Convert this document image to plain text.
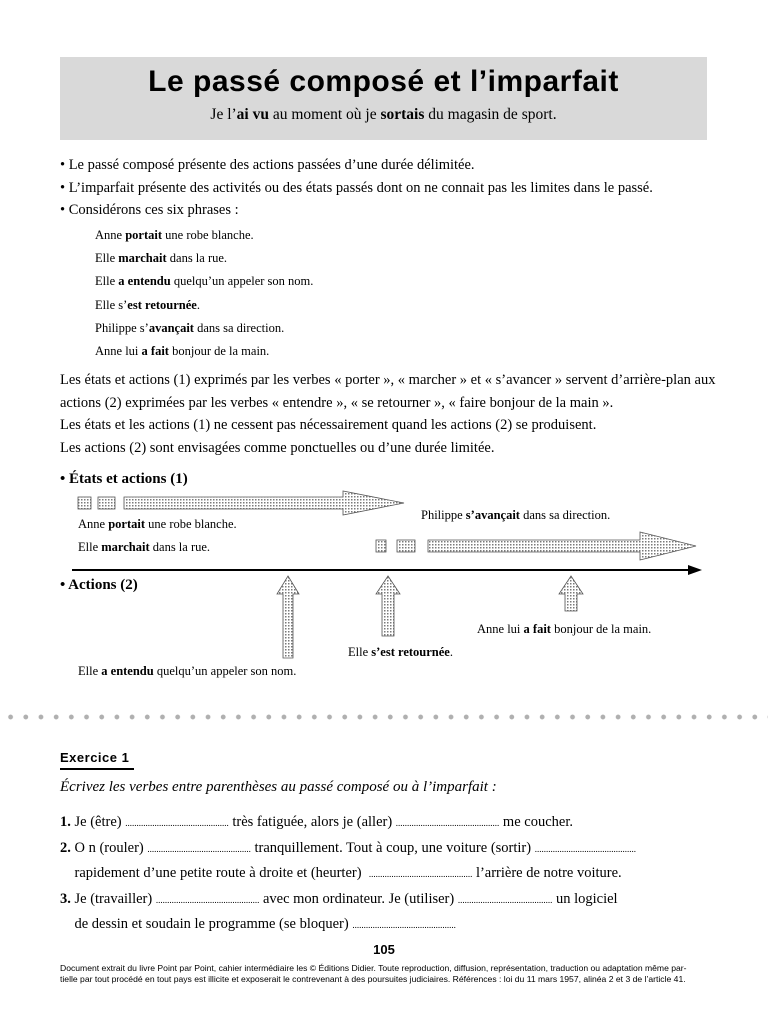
Le passé composé et l’imparfait
Je l’ai vu au moment où je sortais du magasin de sport.
• Le passé composé présente des actions passées d’une durée délimitée.
• L’imparfait présente des activités ou des états passés dont on ne connait pas les limites dans le passé.
• Considérons ces six phrases :
Anne portait une robe blanche.
Elle marchait dans la rue.
Elle a entendu quelqu’un appeler son nom.
Elle s’est retournée.
Philippe s’avançait dans sa direction.
Anne lui a fait bonjour de la main.
Les états et actions (1) exprimés par les verbes « porter », « marcher » et « s’avancer » servent d’arrière-plan aux
actions (2) exprimées par les verbes « entendre », « se retourner », « faire bonjour de la main ».
Les états et les actions (1) ne cessent pas nécessairement quand les actions (2) se produisent.
Les actions (2) sont envisagées comme ponctuelles ou d’une durée limitée.
• États et actions (1)
• Actions (2)
Anne portait une robe blanche.
Elle marchait dans la rue.
Philippe s’avançait dans sa direction.
Anne lui a fait bonjour de la main.
Elle s’est retournée.
Elle a entendu quelqu’un appeler son nom.
Exercice 1
Écrivez les verbes entre parenthèses au passé composé ou à l’imparfait :
1. Je (être) .............................................. très fatiguée, alors je (aller) .............................................. me coucher.
2. O n (rouler) .............................................. tranquillement. Tout à coup, une voiture (sortir) .............................................
rapidement d’une petite route à droite et (heurter)  .............................................. l’arrière de notre voiture.
3. Je (travailler) .............................................. avec mon ordinateur. Je (utiliser) .......................................... un logiciel
de dessin et soudain le programme (se bloquer) ..............................................
105
Document extrait du livre Point par Point, cahier intermédiaire les © Éditions Didier. Toute reproduction, diffusion, représentation, traduction ou adaptation même par-
tielle par tout procédé en tout pays est illicite et exposerait le contrevenant à des poursuites judiciaires. Références : loi du 11 mars 1957, alinéa 2 et 3 de l’article 41.
